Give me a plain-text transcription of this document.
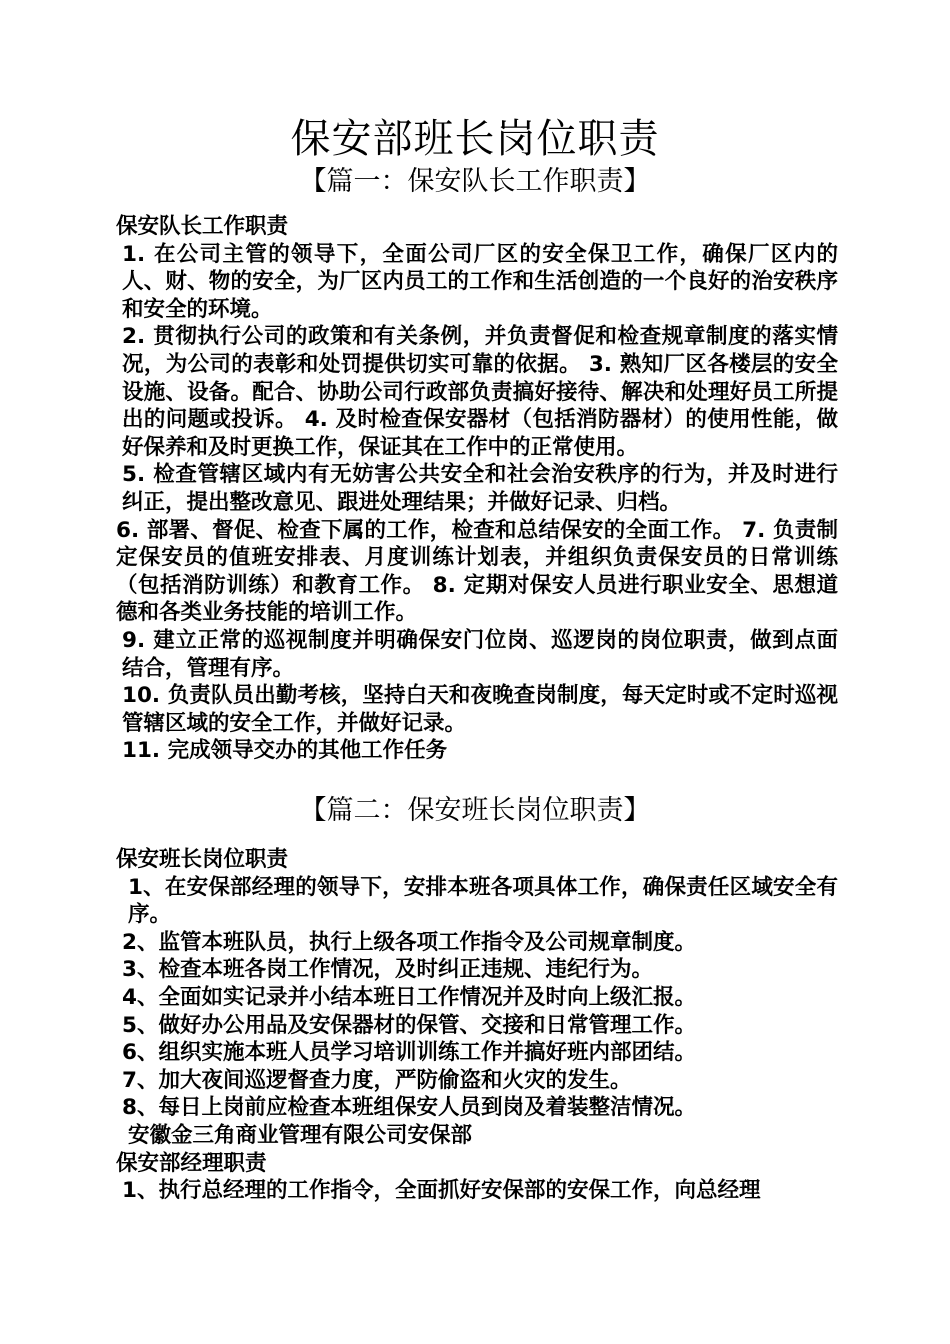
保安部班长岗位职责
【篇一：保安队长工作职责】

保安队长工作职责

1. 在公司主管的领导下，全面公司厂区的安全保卫工作，确保厂区内的人、财、物的安全，为厂区内员工的工作和生活创造的一个良好的治安秩序和安全的环境。

2. 贯彻执行公司的政策和有关条例，并负责督促和检查规章制度的落实情况，为公司的表彰和处罚提供切实可靠的依据。 3. 熟知厂区各楼层的安全设施、设备。配合、协助公司行政部负责搞好接待、解决和处理好员工所提出的问题或投诉。 4. 及时检查保安器材（包括消防器材）的使用性能，做好保养和及时更换工作，保证其在工作中的正常使用。

5. 检查管辖区域内有无妨害公共安全和社会治安秩序的行为，并及时进行纠正，提出整改意见、跟进处理结果；并做好记录、归档。

6. 部署、督促、检查下属的工作，检查和总结保安的全面工作。 7. 负责制定保安员的值班安排表、月度训练计划表，并组织负责保安员的日常训练（包括消防训练）和教育工作。 8. 定期对保安人员进行职业安全、思想道德和各类业务技能的培训工作。

9. 建立正常的巡视制度并明确保安门位岗、巡逻岗的岗位职责，做到点面结合，管理有序。

10. 负责队员出勤考核，坚持白天和夜晚查岗制度，每天定时或不定时巡视管辖区域的安全工作，并做好记录。

11. 完成领导交办的其他工作任务

【篇二：保安班长岗位职责】

保安班长岗位职责

1、在安保部经理的领导下，安排本班各项具体工作，确保责任区域安全有序。

2、监管本班队员，执行上级各项工作指令及公司规章制度。

3、检查本班各岗工作情况，及时纠正违规、违纪行为。

4、全面如实记录并小结本班日工作情况并及时向上级汇报。

5、做好办公用品及安保器材的保管、交接和日常管理工作。

6、组织实施本班人员学习培训训练工作并搞好班内部团结。

7、加大夜间巡逻督查力度，严防偷盗和火灾的发生。

8、每日上岗前应检查本班组保安人员到岗及着装整洁情况。

安徽金三角商业管理有限公司安保部

保安部经理职责

1、执行总经理的工作指令，全面抓好安保部的安保工作，向总经理
